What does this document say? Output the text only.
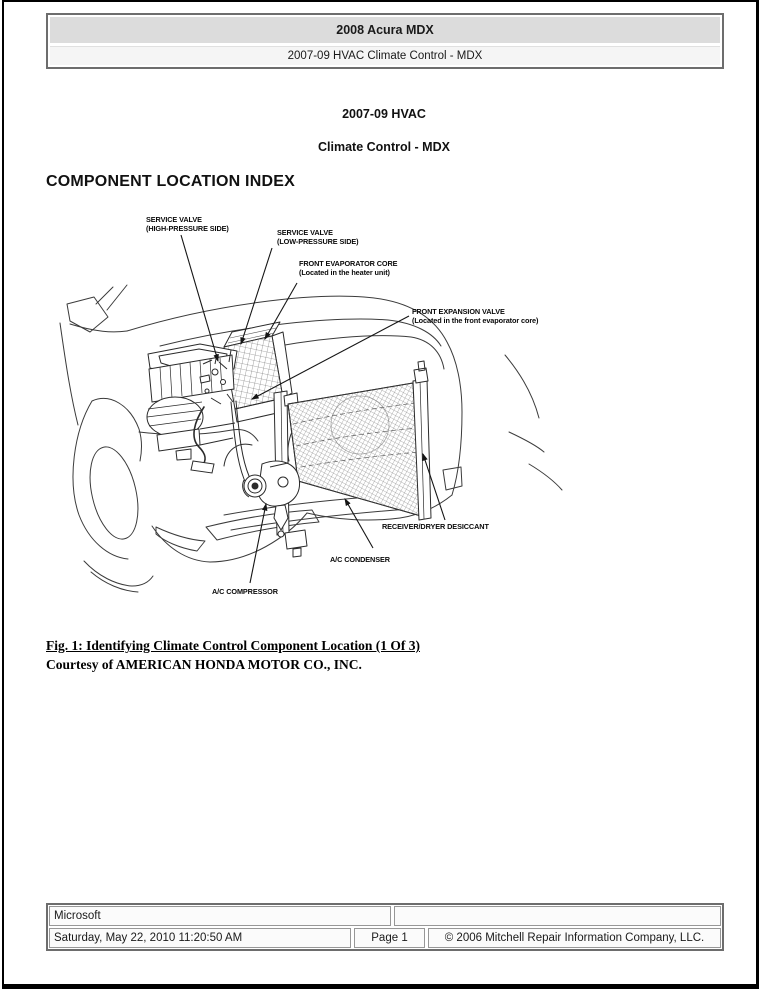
2008 Acura MDX
2007-09 HVAC Climate Control - MDX
2007-09 HVAC
Climate Control - MDX
COMPONENT LOCATION INDEX
SERVICE VALVE
(HIGH-PRESSURE SIDE)	SERVICE VALVE
(LOW-PRESSURE SIDE)
FRONT EVAPORATOR CORE
(Located in the heater unit)
FRONT EXPANSION VALVE
(Located in the front evaporator core)
RECEIVER/DRYER DESICCANT
A/C CONDENSER
A/C COMPRESSOR
Fig. 1: Identifying Climate Control Component Location (1 Of 3)
Courtesy of AMERICAN HONDA MOTOR CO., INC.
Microsoft
Saturday, May 22, 2010 11:20:50 AM	Page 1	© 2006 Mitchell Repair Information Company, LLC.
